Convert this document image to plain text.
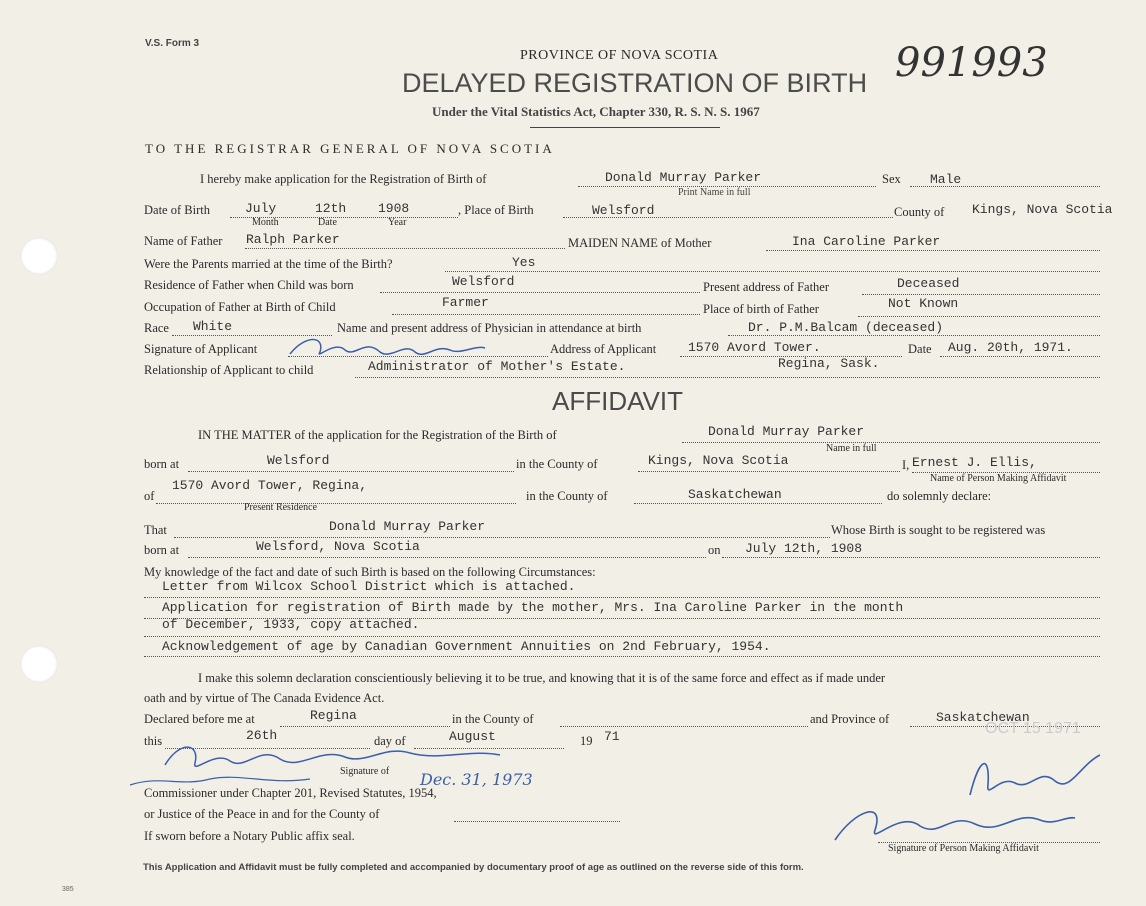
V.S. Form 3
PROVINCE OF NOVA SCOTIA
DELAYED REGISTRATION OF BIRTH
Under the Vital Statistics Act, Chapter 330, R. S. N. S. 1967
991993
TO THE REGISTRAR GENERAL OF NOVA SCOTIA
I hereby make application for the Registration of Birth of	Donald Murray Parker
Print Name in full
Sex Male
Date of Birth	July	12th 1908
Month	Date	Year
, Place of Birth	Welsford	County of Kings, Nova Scotia
Name of Father Ralph Parker	MAIDEN NAME of Mother	Ina Caroline Parker
Were the Parents married at the time of the Birth?	Yes
Residence of Father when Child was born	Welsford	Present address of Father	Deceased
Occupation of Father at Birth of Child	Farmer	Place of birth of Father	Not Known
Race White	Name and present address of Physician in attendance at birth	Dr. P.M.Balcam (deceased)
Signature of Applicant	Address of Applicant 1570 Avord Tower.	Date Aug. 20th, 1971.
Relationship of Applicant to child	Administrator of Mother's Estate.	Regina, Sask.
AFFIDAVIT
IN THE MATTER of the application for the Registration of the Birth of	Donald Murray Parker
Name in full
born at	Welsford	in the County of	Kings, Nova Scotia	I, Ernest J. Ellis,
Name of Person Making Affidavit
of
1570 Avord Tower, Regina,
Present Residence
in the County of	Saskatchewan	do solemnly declare:
That	Donald Murray Parker	Whose Birth is sought to be registered was
born at	Welsford, Nova Scotia	on July 12th, 1908
My knowledge of the fact and date of such Birth is based on the following Circumstances:
Letter from Wilcox School District which is attached.
Application for registration of Birth made by the mother, Mrs. Ina Caroline Parker in the month
of December, 1933, copy attached.
Acknowledgement of age by Canadian Government Annuities on 2nd February, 1954.
I make this solemn declaration conscientiously believing it to be true, and knowing that it is of the same force and effect as if made under
oath and by virtue of The Canada Evidence Act.
Declared before me at	Regina	in the County of	and Province of	Saskatchewan
this	26th	day of	August	19 71
Dec. 31, 1973
Signature of
Commissioner under Chapter 201, Revised Statutes, 1954,
or Justice of the Peace in and for the County of
If sworn before a Notary Public affix seal.
OCT 15 1971
Signature of Person Making Affidavit
This Application and Affidavit must be fully completed and accompanied by documentary proof of age as outlined on the reverse side of this form.
385
